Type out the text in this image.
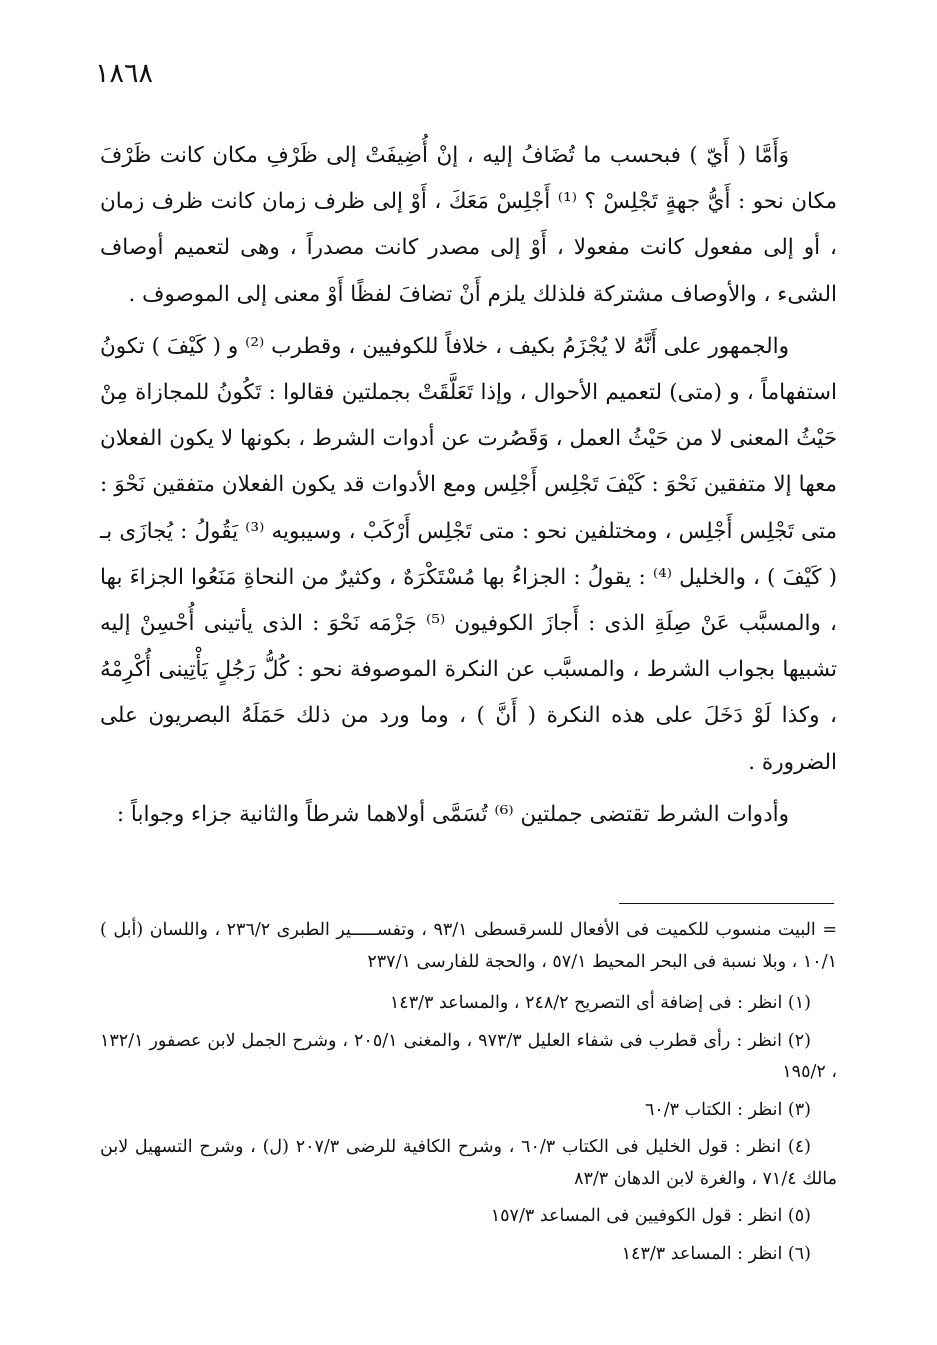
١٨٦٨

وَأَمَّا ( أَيّ ) فبحسب ما تُضَافُ إليه ، إنْ أُضِيفَتْ إلى ظَرْفِ مكان كانت ظَرْفَ مكان نحو : أَيُّ جهةٍ تَجْلِسْ ؟ ⁽¹⁾ أَجْلِسْ مَعَكَ ، أَوْ إلى ظرف زمان كانت ظرف زمان ، أو إلى مفعول كانت مفعولا ، أَوْ إلى مصدر كانت مصدراً ، وهى لتعميم أوصاف الشىء ، والأوصاف مشتركة فلذلك يلزم أَنْ تضافَ لفظًا أَوْ معنى إلى الموصوف .

والجمهور على أَنَّهُ لا يُجْزَمُ بكيف ، خلافاً للكوفيين ، وقطرب ⁽²⁾ و ( كَيْفَ ) تكونُ استفهاماً ، و (متى) لتعميم الأحوال ، وإذا تَعَلَّقَتْ بجملتين فقالوا : تَكُونُ للمجازاة مِنْ حَيْثُ المعنى لا من حَيْثُ العمل ، وَقَصُرت عن أدوات الشرط ، بكونها لا يكون الفعلان معها إلا متفقين نَحْوَ : كَيْفَ تَجْلِس أَجْلِس ومع الأدوات قد يكون الفعلان متفقين نَحْوَ : متى تَجْلِس أَجْلِس ، ومختلفين نحو : متى تَجْلِس أَرْكَبْ ، وسيبويه ⁽³⁾ يَقُولُ : يُجازَى بـ ( كَيْفَ ) ، والخليل ⁽⁴⁾ : يقولُ : الجزاءُ بها مُسْتَكْرَهٌ ، وكثيرٌ من النحاةِ مَنَعُوا الجزاءَ بها ، والمسبَّب عَنْ صِلَةِ الذى : أَجازَ الكوفيون ⁽⁵⁾ جَزْمَه نَحْوَ : الذى يأتينى أُحْسِنْ إليه تشبيها بجواب الشرط ، والمسبَّب عن النكرة الموصوفة نحو : كُلُّ رَجُلٍ يَأْتِينى أُكْرِمْهُ ، وكذا لَوْ دَخَلَ على هذه النكرة ( أَنَّ ) ، وما ورد من ذلك حَمَلَهُ البصريون على الضرورة .

وأدوات الشرط تقتضى جملتين ⁽⁶⁾ تُسَمَّى أولاهما شرطاً والثانية جزاء وجواباً :

= البيت منسوب للكميت فى الأفعال للسرقسطى ٩٣/١ ، وتفســـــير الطبرى ٢٣٦/٢ ، واللسان (أبل ) ١٠/١ ، وبلا نسبة فى البحر المحيط ٥٧/١ ، والحجة للفارسى ٢٣٧/١

(١) انظر : فى إضافة أى التصريح ٢٤٨/٢ ، والمساعد ١٤٣/٣

(٢) انظر : رأى قطرب فى شفاء العليل ٩٧٣/٣ ، والمغنى ٢٠٥/١ ، وشرح الجمل لابن عصفور ١٣٢/١ ، ١٩٥/٢

(٣) انظر : الكتاب ٦٠/٣

(٤) انظر : قول الخليل فى الكتاب ٦٠/٣ ، وشرح الكافية للرضى ٢٠٧/٣ (ل) ، وشرح التسهيل لابن مالك ٧١/٤ ، والغرة لابن الدهان ٨٣/٣

(٥) انظر : قول الكوفيين فى المساعد ١٥٧/٣

(٦) انظر : المساعد ١٤٣/٣
